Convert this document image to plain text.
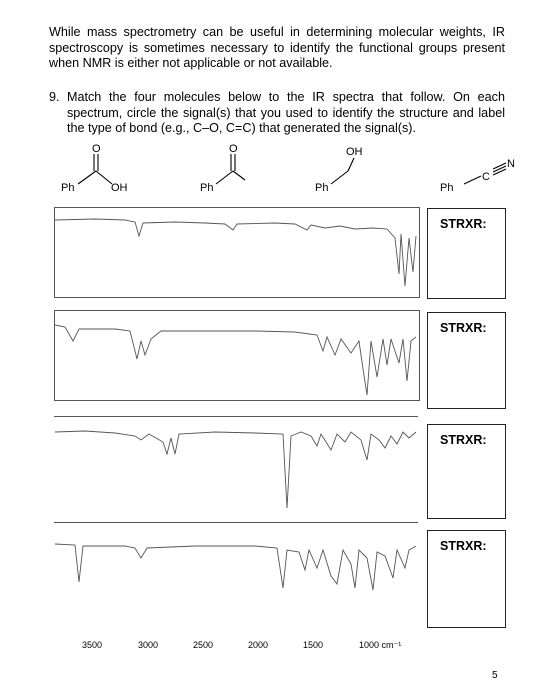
While mass spectrometry can be useful in determining molecular weights, IR spectroscopy is sometimes necessary to identify the functional groups present when NMR is either not applicable or not available.
9. Match the four molecules below to the IR spectra that follow. On each spectrum, circle the signal(s) that you used to identify the structure and label the type of bond (e.g., C–O, C=C) that generated the signal(s).
Ph	OH
O
Ph
O
Ph
OH
Ph
C
N
STRXR:
STRXR:
STRXR:
STRXR:
3500	3000	2500	2000	1500	1000 cm⁻¹
5
